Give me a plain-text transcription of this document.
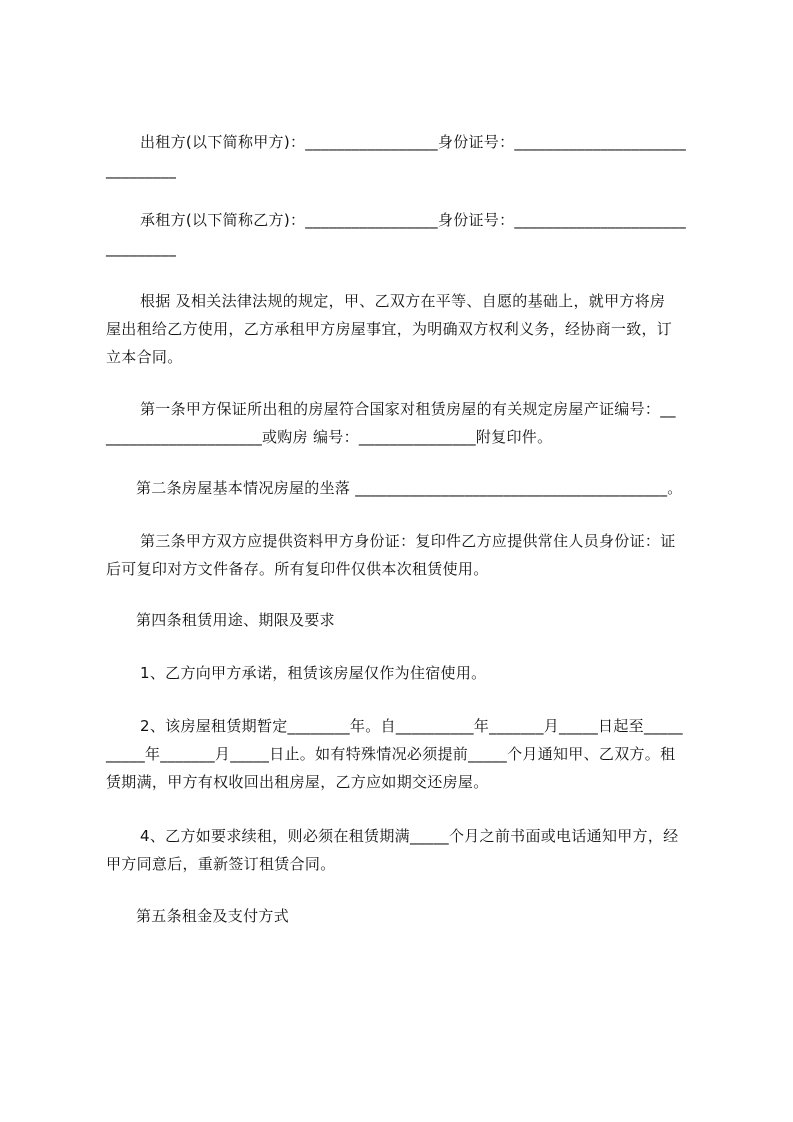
出租方(以下简称甲方)：_________________身份证号：______________________
_________
承租方(以下简称乙方)：_________________身份证号：______________________
_________
根据 及相关法律法规的规定，甲、乙双方在平等、自愿的基础上，就甲方将房
屋出租给乙方使用，乙方承租甲方房屋事宜，为明确双方权利义务，经协商一致，订
立本合同。
第一条甲方保证所出租的房屋符合国家对租赁房屋的有关规定房屋产证编号：__
____________________或购房 编号：_______________附复印件。
第二条房屋基本情况房屋的坐落 ________________________________________。
第三条甲方双方应提供资料甲方身份证：复印件乙方应提供常住人员身份证：证
后可复印对方文件备存。所有复印件仅供本次租赁使用。
第四条租赁用途、期限及要求
1、乙方向甲方承诺，租赁该房屋仅作为住宿使用。
2、该房屋租赁期暂定________年。自__________年_______月_____日起至_____
_____年_______月_____日止。如有特殊情况必须提前_____个月通知甲、乙双方。租
赁期满，甲方有权收回出租房屋，乙方应如期交还房屋。
4、乙方如要求续租，则必须在租赁期满_____个月之前书面或电话通知甲方，经
甲方同意后，重新签订租赁合同。
第五条租金及支付方式
